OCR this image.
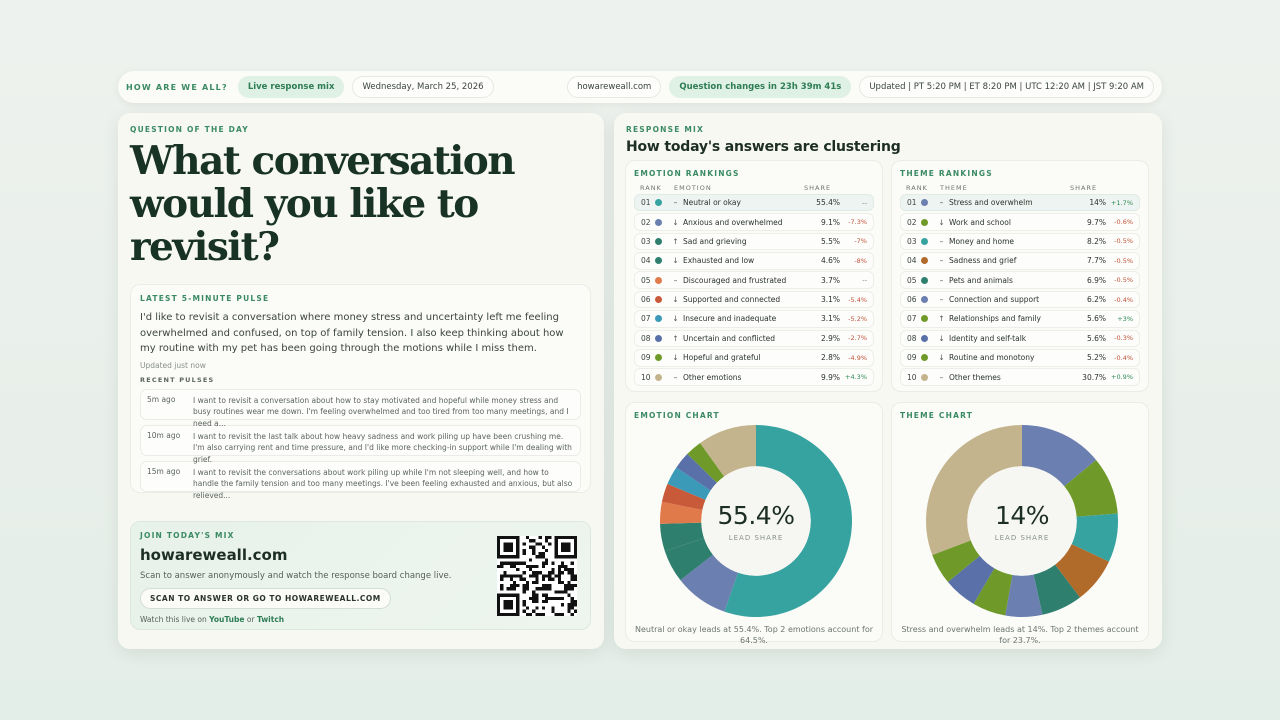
HOW ARE WE ALL?	Live response mix	Wednesday, March 25, 2026	howareweall.com	Question changes in 23h 39m 41s	Updated | PT 5:20 PM | ET 8:20 PM | UTC 12:20 AM | JST 9:20 AM
QUESTION OF THE DAY
What conversation would you like to revisit?
LATEST 5-MINUTE PULSE
I'd like to revisit a conversation where money stress and uncertainty left me feeling overwhelmed and confused, on top of family tension. I also keep thinking about how my routine with my pet has been going through the motions while I miss them.
Updated just now
RECENT PULSES
5m ago	I want to revisit a conversation about how to stay motivated and hopeful while money stress and busy routines wear me down. I'm feeling overwhelmed and too tired from too many meetings, and I need a...
10m ago	I want to revisit the last talk about how heavy sadness and work piling up have been crushing me. I'm also carrying rent and time pressure, and I'd like more checking-in support while I'm dealing with grief.
15m ago	I want to revisit the conversations about work piling up while I'm not sleeping well, and how to handle the family tension and too many meetings. I've been feeling exhausted and anxious, but also relieved...
JOIN TODAY'S MIX
howareweall.com
Scan to answer anonymously and watch the response board change live.
SCAN TO ANSWER OR GO TO HOWAREWEALL.COM
Watch this live on YouTube or Twitch
RESPONSE MIX
How today's answers are clustering
EMOTION RANKINGS
RANK	EMOTION	SHARE
01	– Neutral or okay	55.4%	--
02	↓ Anxious and overwhelmed	9.1%	-7.3%
03	↑ Sad and grieving	5.5%	-7%
04	↓ Exhausted and low	4.6%	-8%
05	– Discouraged and frustrated	3.7%	--
06	↓ Supported and connected	3.1%	-5.4%
07	↓ Insecure and inadequate	3.1%	-5.2%
08	↑ Uncertain and conflicted	2.9%	-2.7%
09	↓ Hopeful and grateful	2.8%	-4.9%
10	– Other emotions	9.9% +4.3%
THEME RANKINGS
RANK	THEME	SHARE
01	– Stress and overwhelm	14% +1.7%
02	↓ Work and school	9.7%	-0.6%
03	– Money and home	8.2%	-0.5%
04	– Sadness and grief	7.7%	-0.5%
05	– Pets and animals	6.9%	-0.5%
06	– Connection and support	6.2%	-0.4%
07	↑ Relationships and family	5.6%	+3%
08	↓ Identity and self-talk	5.6%	-0.3%
09	↓ Routine and monotony	5.2%	-0.4%
10	– Other themes	30.7% +0.9%
EMOTION CHART
55.4%
LEAD SHARE
Neutral or okay leads at 55.4%. Top 2 emotions account for 64.5%.
THEME CHART
14%
LEAD SHARE
Stress and overwhelm leads at 14%. Top 2 themes account for 23.7%.
